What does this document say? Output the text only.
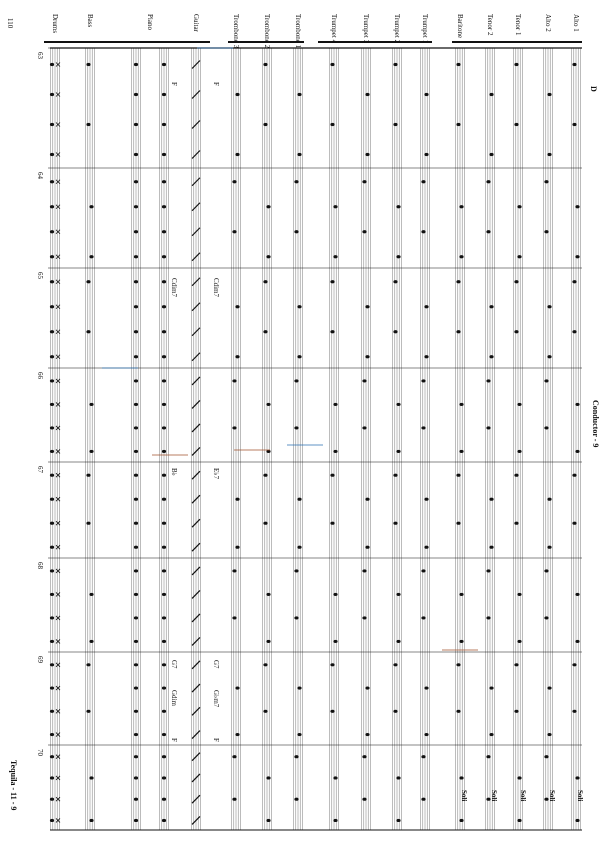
110
Conductor - 9
Tequila - 11 - 9
D
Alto 1
Alto 2
Tenor 1
Tenor 2
Baritone
Trumpet 1
Trumpet 2
Trumpet 3
Trumpet 4
Trombone 1
Trombone 2
Trombone 3
Guitar
Piano
Bass
Drums
63
64
65
66
67
68
69
70
F
Cdim7
E♭7
G7
G♭m7
F
F
Cdim7
B♭
G7
Gdim
F
Soli
Soli
Soli
Soli
Soli
